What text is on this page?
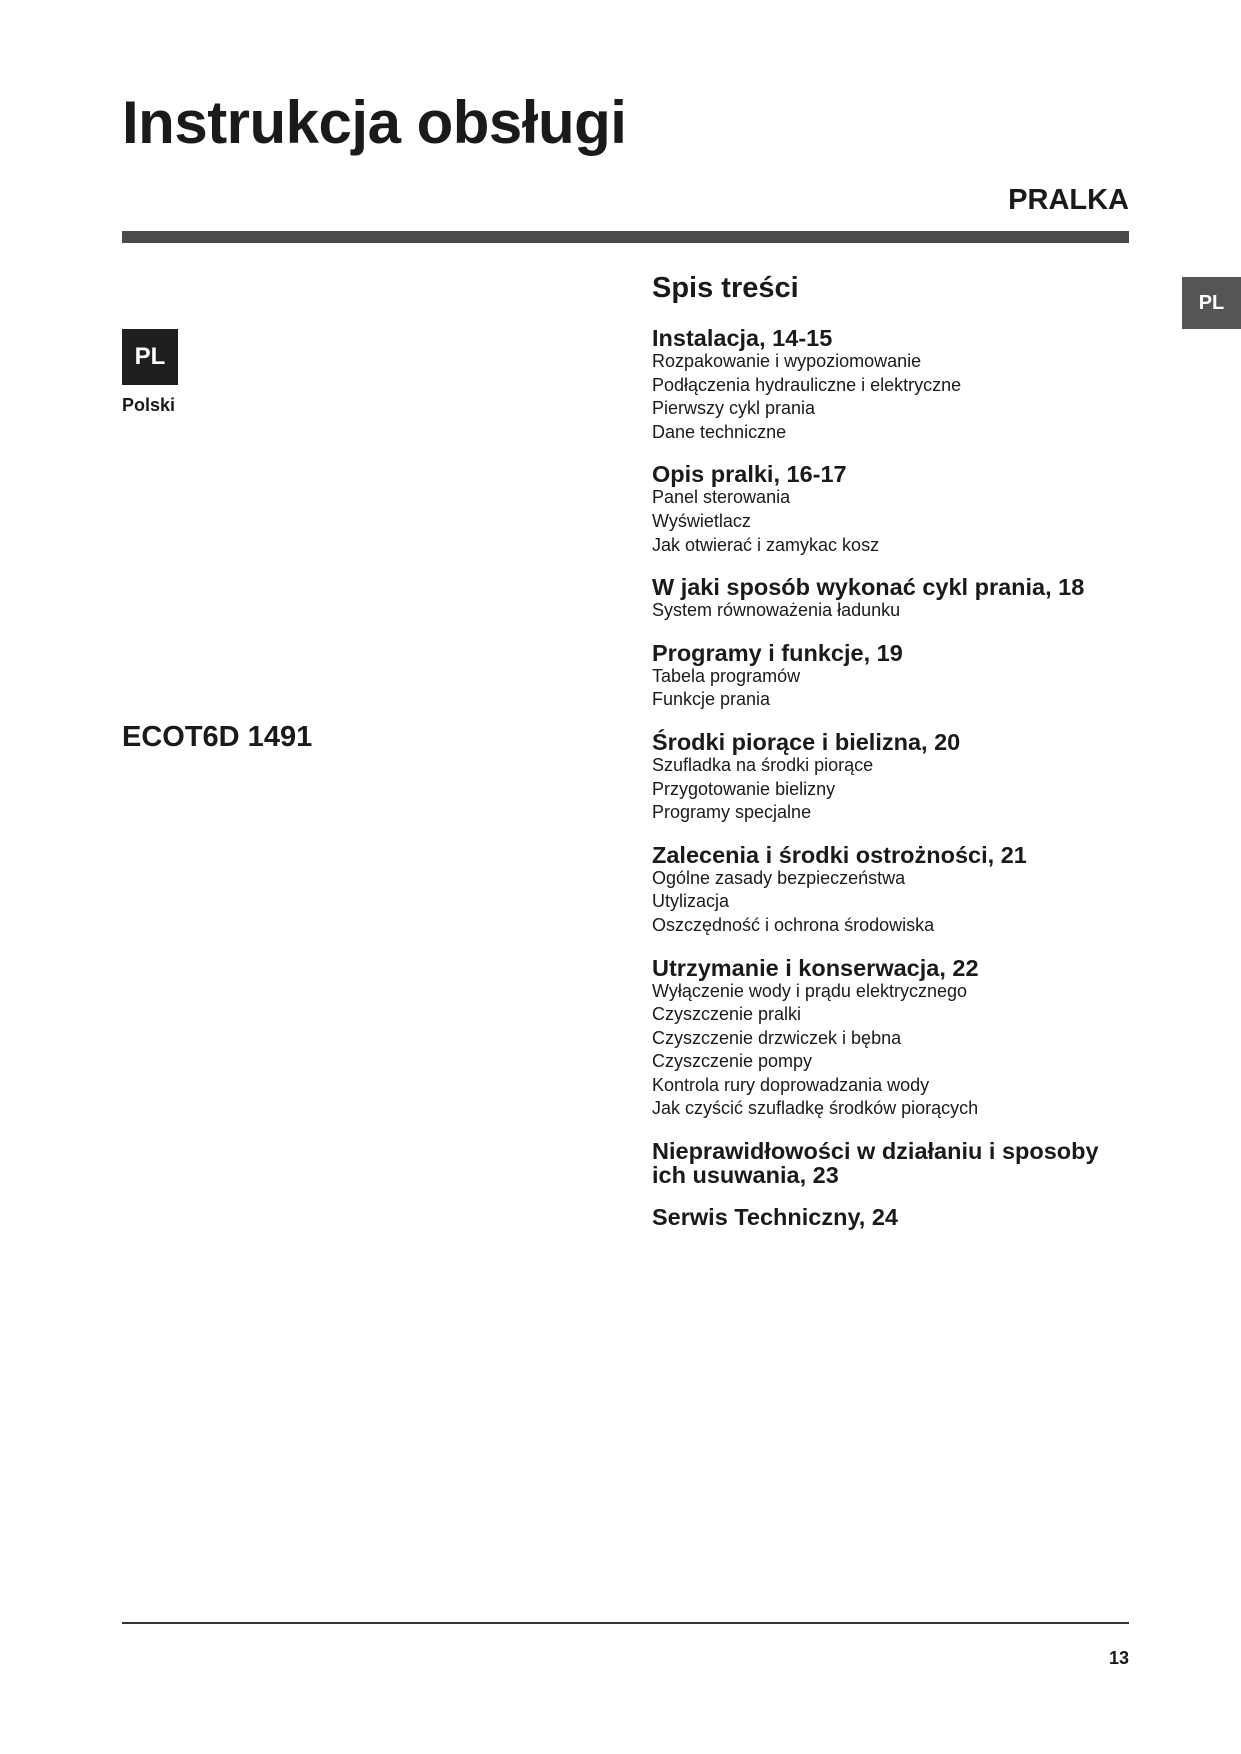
Instrukcja obsługi
PRALKA
PL
PL
Polski
ECOT6D 1491
Spis treści
Instalacja, 14-15
Rozpakowanie i wypoziomowanie
Podłączenia hydrauliczne i elektryczne
Pierwszy cykl prania
Dane techniczne
Opis pralki, 16-17
Panel sterowania
Wyświetlacz
Jak otwierać i zamykac kosz
W jaki sposób wykonać cykl prania, 18
System równoważenia ładunku
Programy i funkcje, 19
Tabela programów
Funkcje prania
Środki piorące i bielizna, 20
Szufladka na środki piorące
Przygotowanie bielizny
Programy specjalne
Zalecenia i środki ostrożności, 21
Ogólne zasady bezpieczeństwa
Utylizacja
Oszczędność i ochrona środowiska
Utrzymanie i konserwacja, 22
Wyłączenie wody i prądu elektrycznego
Czyszczenie pralki
Czyszczenie drzwiczek i bębna
Czyszczenie pompy
Kontrola rury doprowadzania wody
Jak czyścić szufladkę środków piorących
Nieprawidłowości w działaniu i sposoby ich usuwania, 23
Serwis Techniczny, 24
13
